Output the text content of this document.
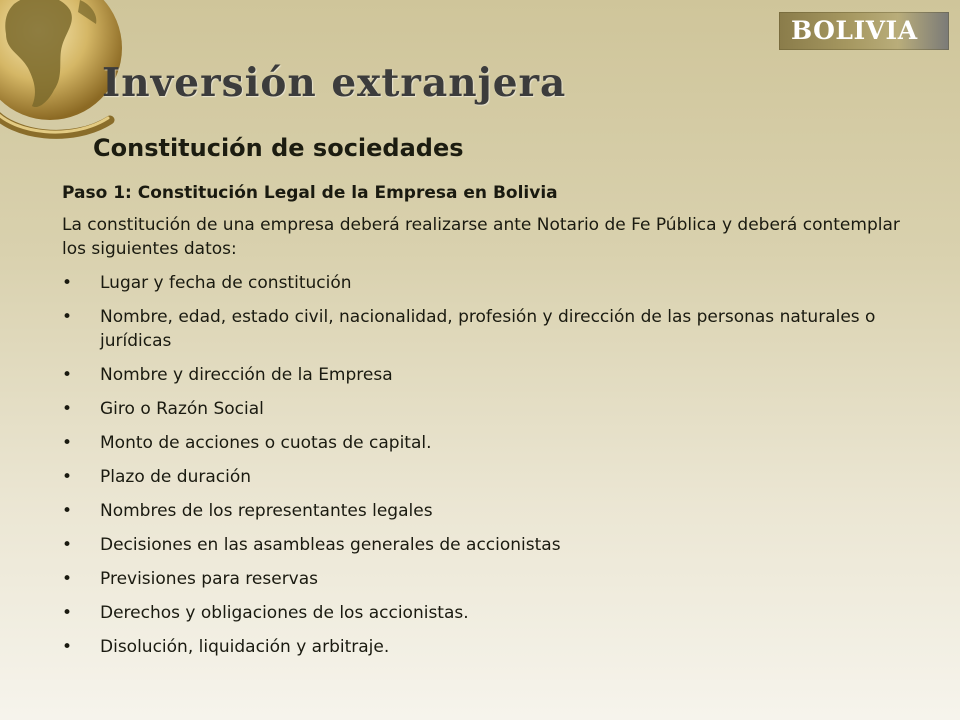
BOLIVIA
Inversión extranjera
Constitución de sociedades

Paso 1: Constitución Legal de la Empresa en Bolivia

La constitución de una empresa deberá realizarse ante Notario de Fe Pública y deberá contemplar los siguientes datos:

• Lugar y fecha de constitución
• Nombre, edad, estado civil, nacionalidad, profesión y dirección de las personas naturales o jurídicas
• Nombre y dirección de la Empresa
• Giro o Razón Social
• Monto de acciones o cuotas de capital.
• Plazo de duración
• Nombres de los representantes legales
• Decisiones en las asambleas generales de accionistas
• Previsiones para reservas
• Derechos y obligaciones de los accionistas.
• Disolución, liquidación y arbitraje.
